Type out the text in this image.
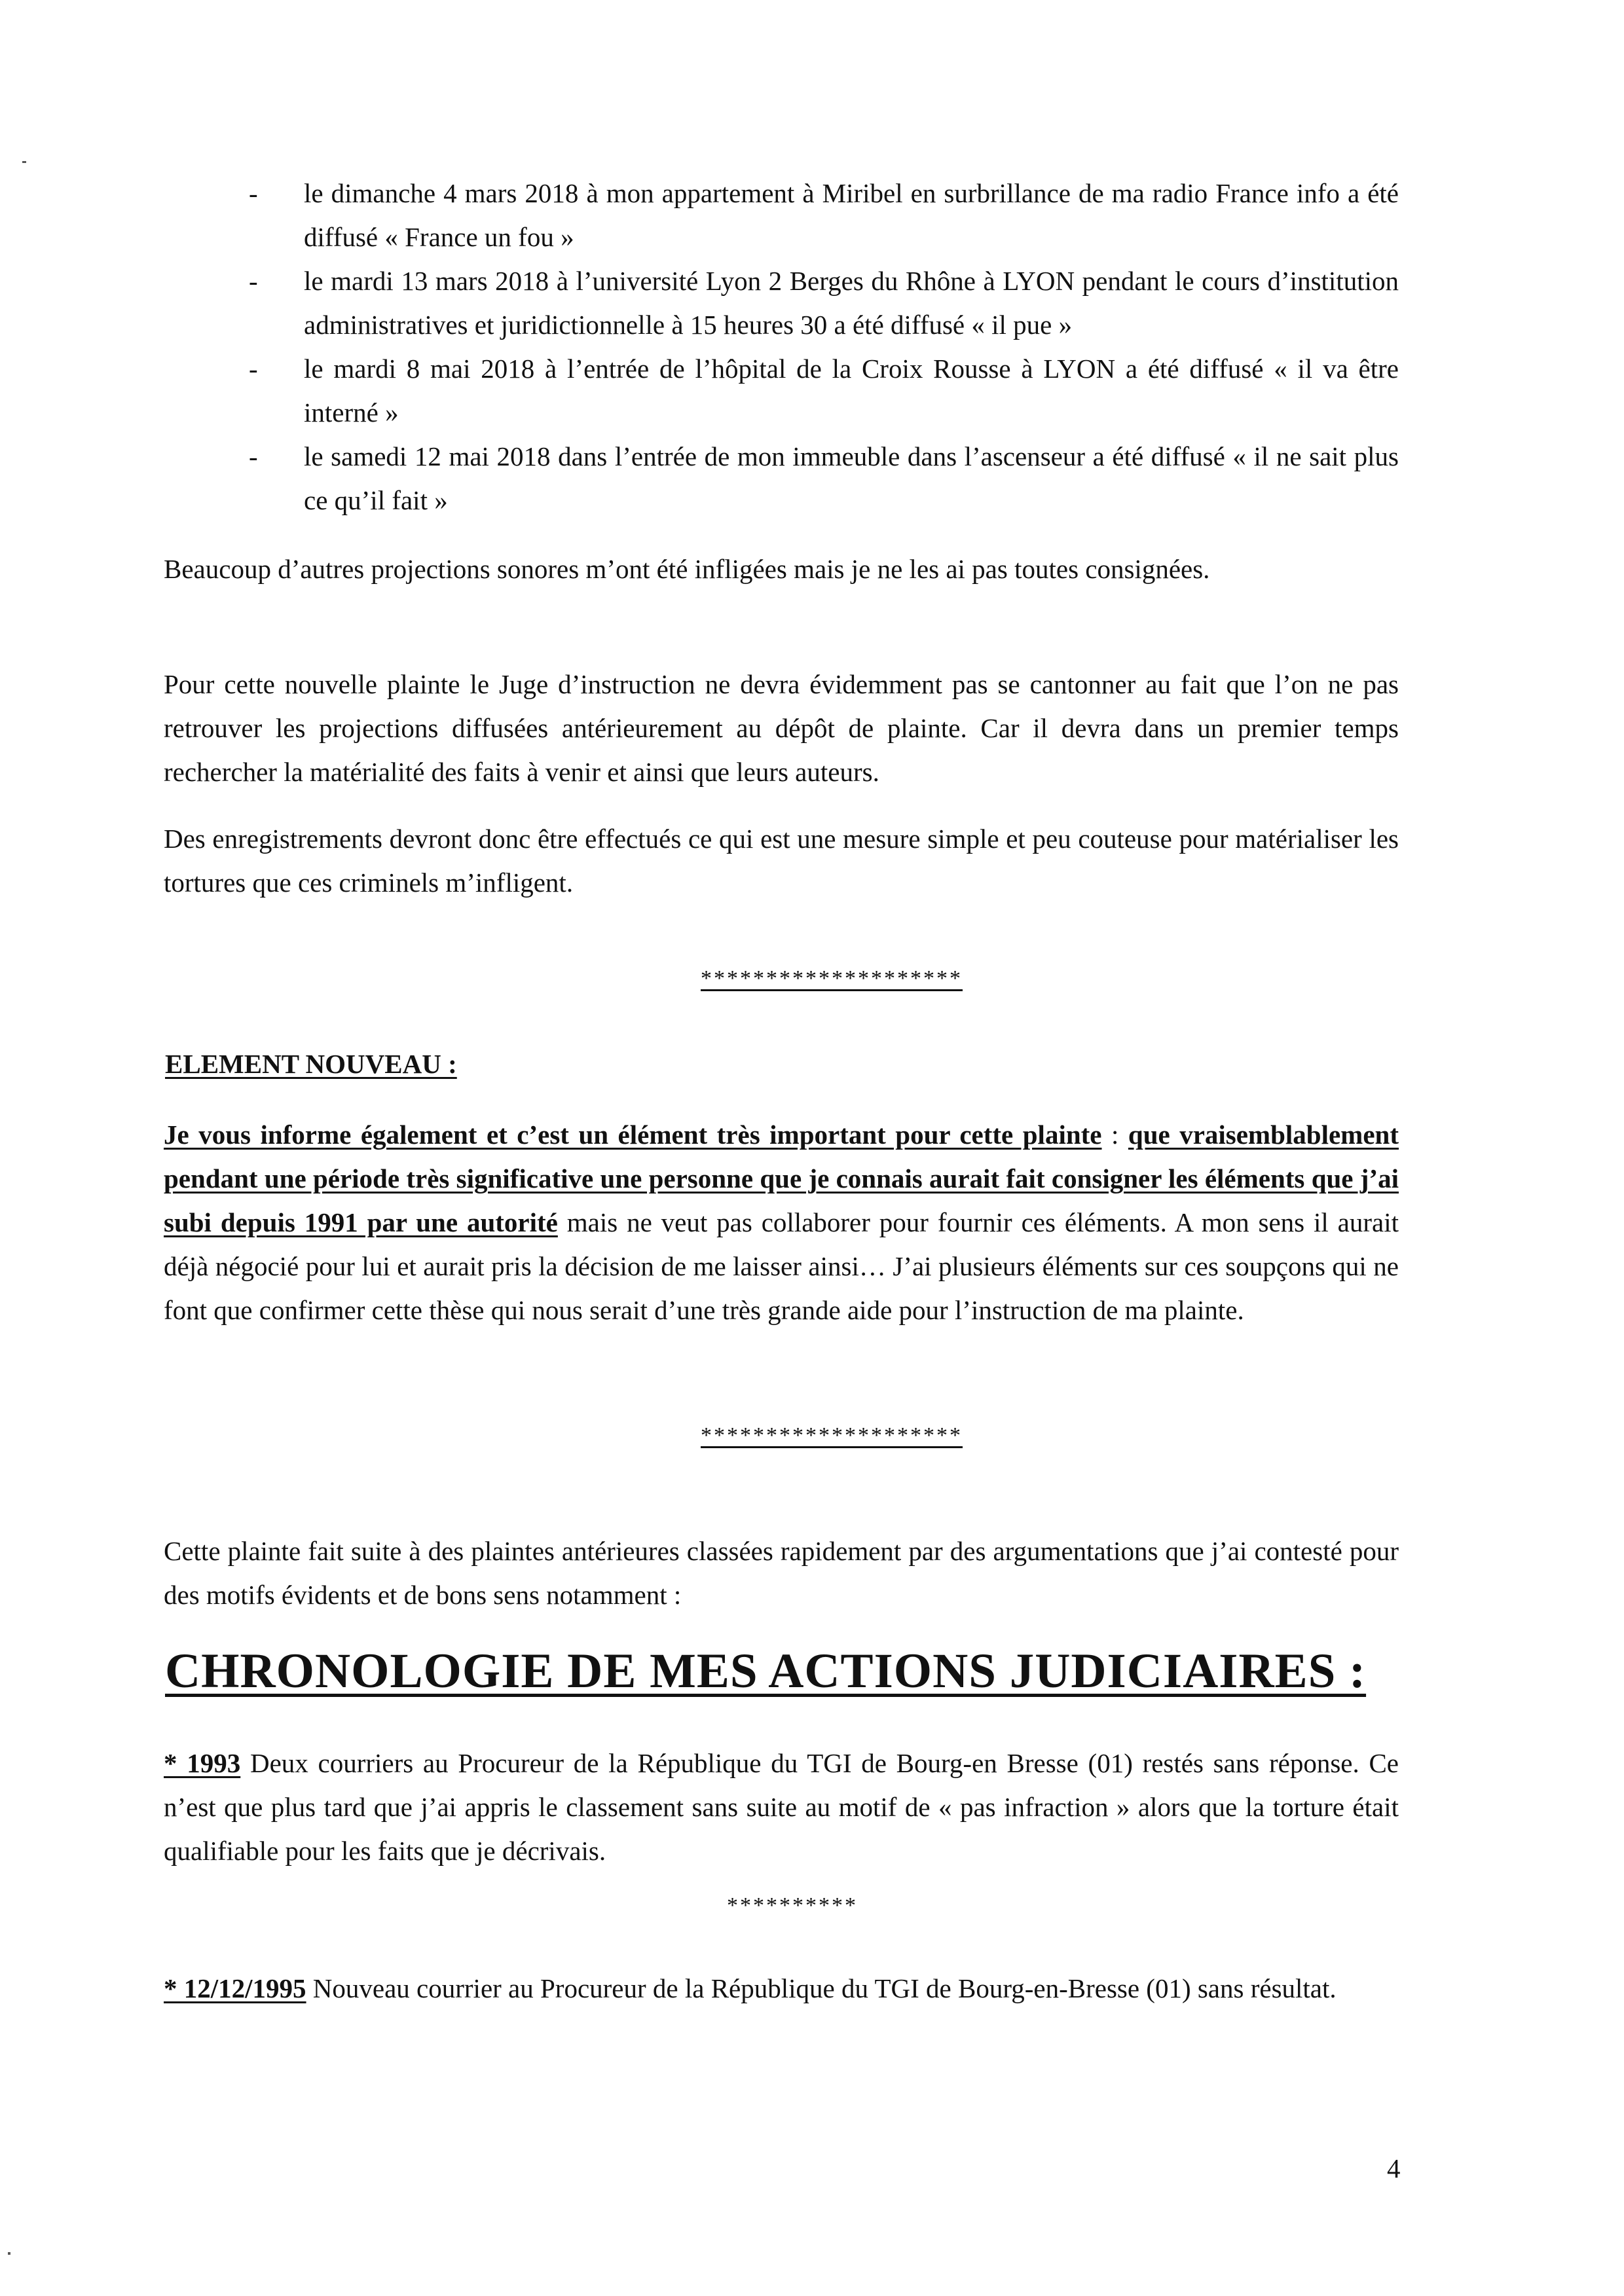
- le dimanche 4 mars 2018 à mon appartement à Miribel en surbrillance de ma radio France info a été diffusé « France un fou »
- le mardi 13 mars 2018 à l’université Lyon 2 Berges du Rhône à LYON pendant le cours d’institution administratives et juridictionnelle à 15 heures 30 a été diffusé « il pue »
- le mardi 8 mai 2018 à l’entrée de l’hôpital de la Croix Rousse à LYON a été diffusé « il va être interné »
- le samedi 12 mai 2018 dans l’entrée de mon immeuble dans l’ascenseur a été diffusé « il ne sait plus ce qu’il fait »

Beaucoup d’autres projections sonores m’ont été infligées mais je ne les ai pas toutes consignées.

Pour cette nouvelle plainte le Juge d’instruction ne devra évidemment pas se cantonner au fait que l’on ne pas retrouver les projections diffusées antérieurement au dépôt de plainte. Car il devra dans un premier temps rechercher la matérialité des faits à venir et ainsi que leurs auteurs.

Des enregistrements devront donc être effectués ce qui est une mesure simple et peu couteuse pour matérialiser les tortures que ces criminels m’infligent.

********************
ELEMENT NOUVEAU :

Je vous informe également et c’est un élément très important pour cette plainte : que vraisemblablement pendant une période très significative une personne que je connais aurait fait consigner les éléments que j’ai subi depuis 1991 par une autorité mais ne veut pas collaborer pour fournir ces éléments. A mon sens il aurait déjà négocié pour lui et aurait pris la décision de me laisser ainsi… J’ai plusieurs éléments sur ces soupçons qui ne font que confirmer cette thèse qui nous serait d’une très grande aide pour l’instruction de ma plainte.

********************

Cette plainte fait suite à des plaintes antérieures classées rapidement par des argumentations que j’ai contesté pour des motifs évidents et de bons sens notamment :

CHRONOLOGIE DE MES ACTIONS JUDICIAIRES :

* 1993 Deux courriers au Procureur de la République du TGI de Bourg-en Bresse (01) restés sans réponse. Ce n’est que plus tard que j’ai appris le classement sans suite au motif de « pas infraction » alors que la torture était qualifiable pour les faits que je décrivais.

**********

* 12/12/1995 Nouveau courrier au Procureur de la République du TGI de Bourg-en-Bresse (01) sans résultat.

4
